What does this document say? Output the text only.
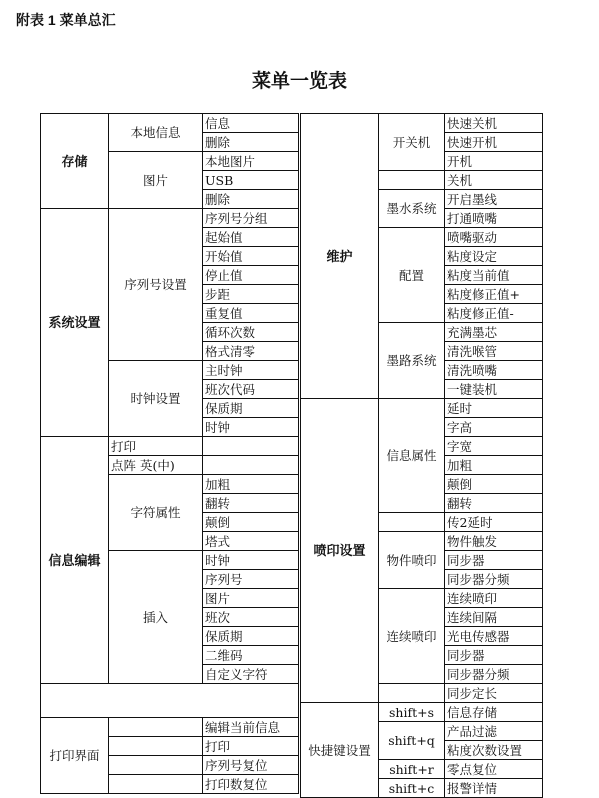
附表 1 菜单总汇
菜单一览表
存储	本地信息	信息
		删除
	图片	本地图片
		USB
		删除
系统设置	序列号设置	序列号分组
		起始值
		开始值
		停止值
		步距
		重复值
		循环次数
		格式清零
	时钟设置	主时钟
		班次代码
		保质期
		时钟
信息编辑	打印	
	点阵 英(中)	
	字符属性	加粗
		翻转
		颠倒
		塔式
	插入	时钟
		序列号
		图片
		班次
		保质期
		二维码
		自定义字符

打印界面		编辑当前信息
		打印
		序列号复位
		打印数复位
维护	开关机	快速关机
		快速开机
		开机
		关机
	墨水系统	开启墨线
		打通喷嘴
	配置	喷嘴驱动
		粘度设定
		粘度当前值
		粘度修正值+
		粘度修正值-
	墨路系统	充满墨芯
		清洗喉管
		清洗喷嘴
		一键装机
喷印设置	信息属性	延时
		字高
		字宽
		加粗
		颠倒
		翻转
		传2延时
	物件喷印	物件触发
		同步器
		同步器分频
	连续喷印	连续喷印
		连续间隔
		光电传感器
		同步器
		同步器分频
		同步定长
快捷键设置	shift+s	信息存储
	shift+q	产品过滤
		粘度次数设置
	shift+r	零点复位
	shift+c	报警详情
